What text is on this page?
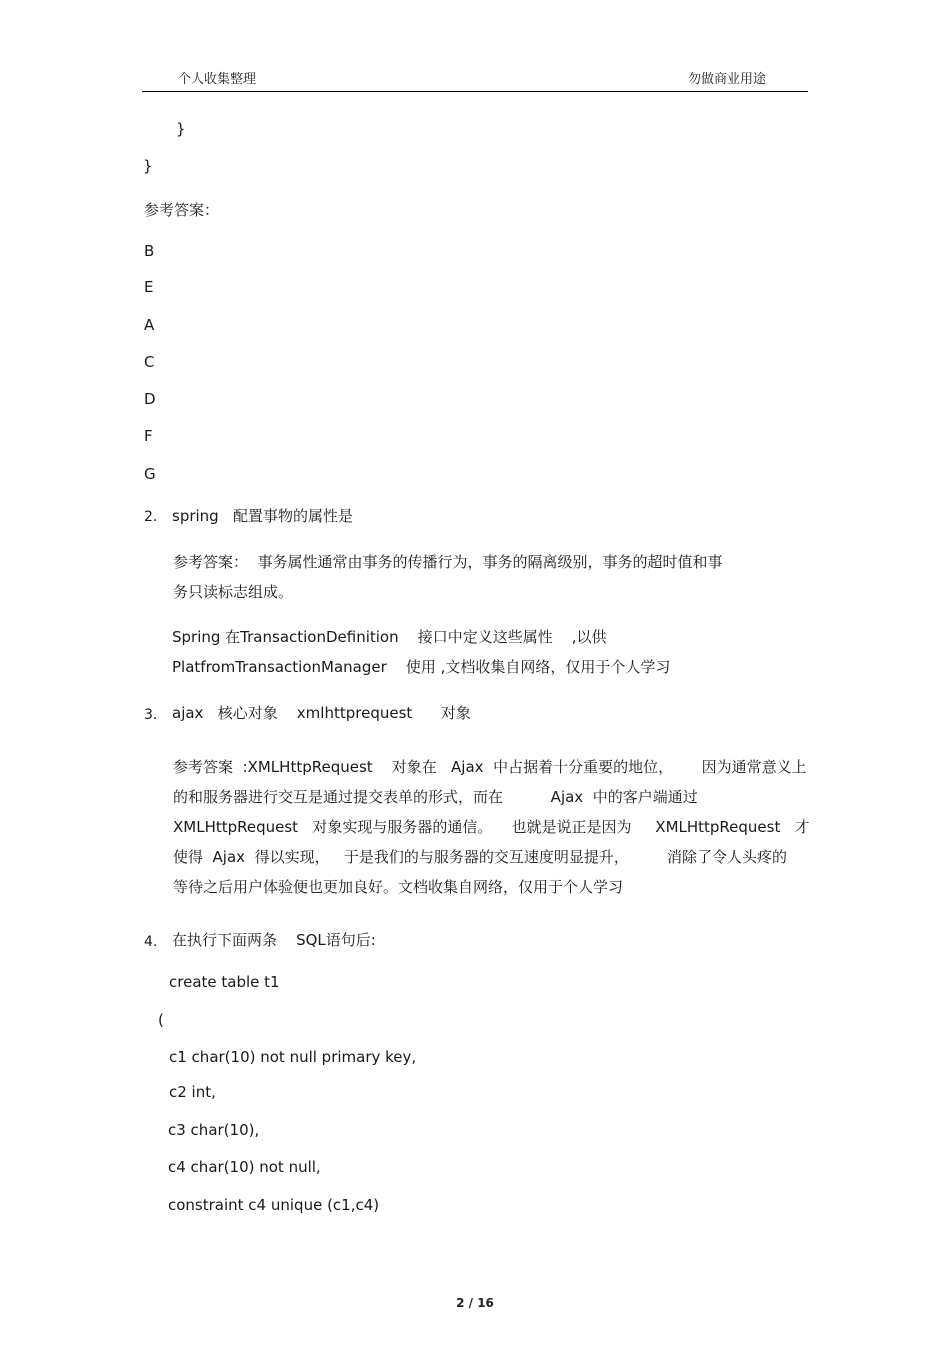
个人收集整理	勿做商业用途
}
}
参考答案：
B
E
A
C
D
F
G
2. spring   配置事物的属性是
参考答案：  事务属性通常由事务的传播行为，事务的隔离级别，事务的超时值和事
务只读标志组成。
Spring 在TransactionDefinition    接口中定义这些属性    ,以供
PlatfromTransactionManager    使用 ,文档收集自网络，仅用于个人学习
3. ajax   核心对象    xmlhttprequest      对象
参考答案  :XMLHttpRequest    对象在   Ajax  中占据着十分重要的地位，      因为通常意义上
的和服务器进行交互是通过提交表单的形式，而在          Ajax  中的客户端通过
XMLHttpRequest   对象实现与服务器的通信。    也就是说正是因为     XMLHttpRequest   才
使得  Ajax  得以实现，   于是我们的与服务器的交互速度明显提升，        消除了令人头疼的
等待之后用户体验便也更加良好。文档收集自网络，仅用于个人学习
4. 在执行下面两条    SQL语句后:
create table t1
(
c1 char(10) not null primary key,
c2 int,
c3 char(10),
c4 char(10) not null,
constraint c4 unique (c1,c4)
2 / 16
